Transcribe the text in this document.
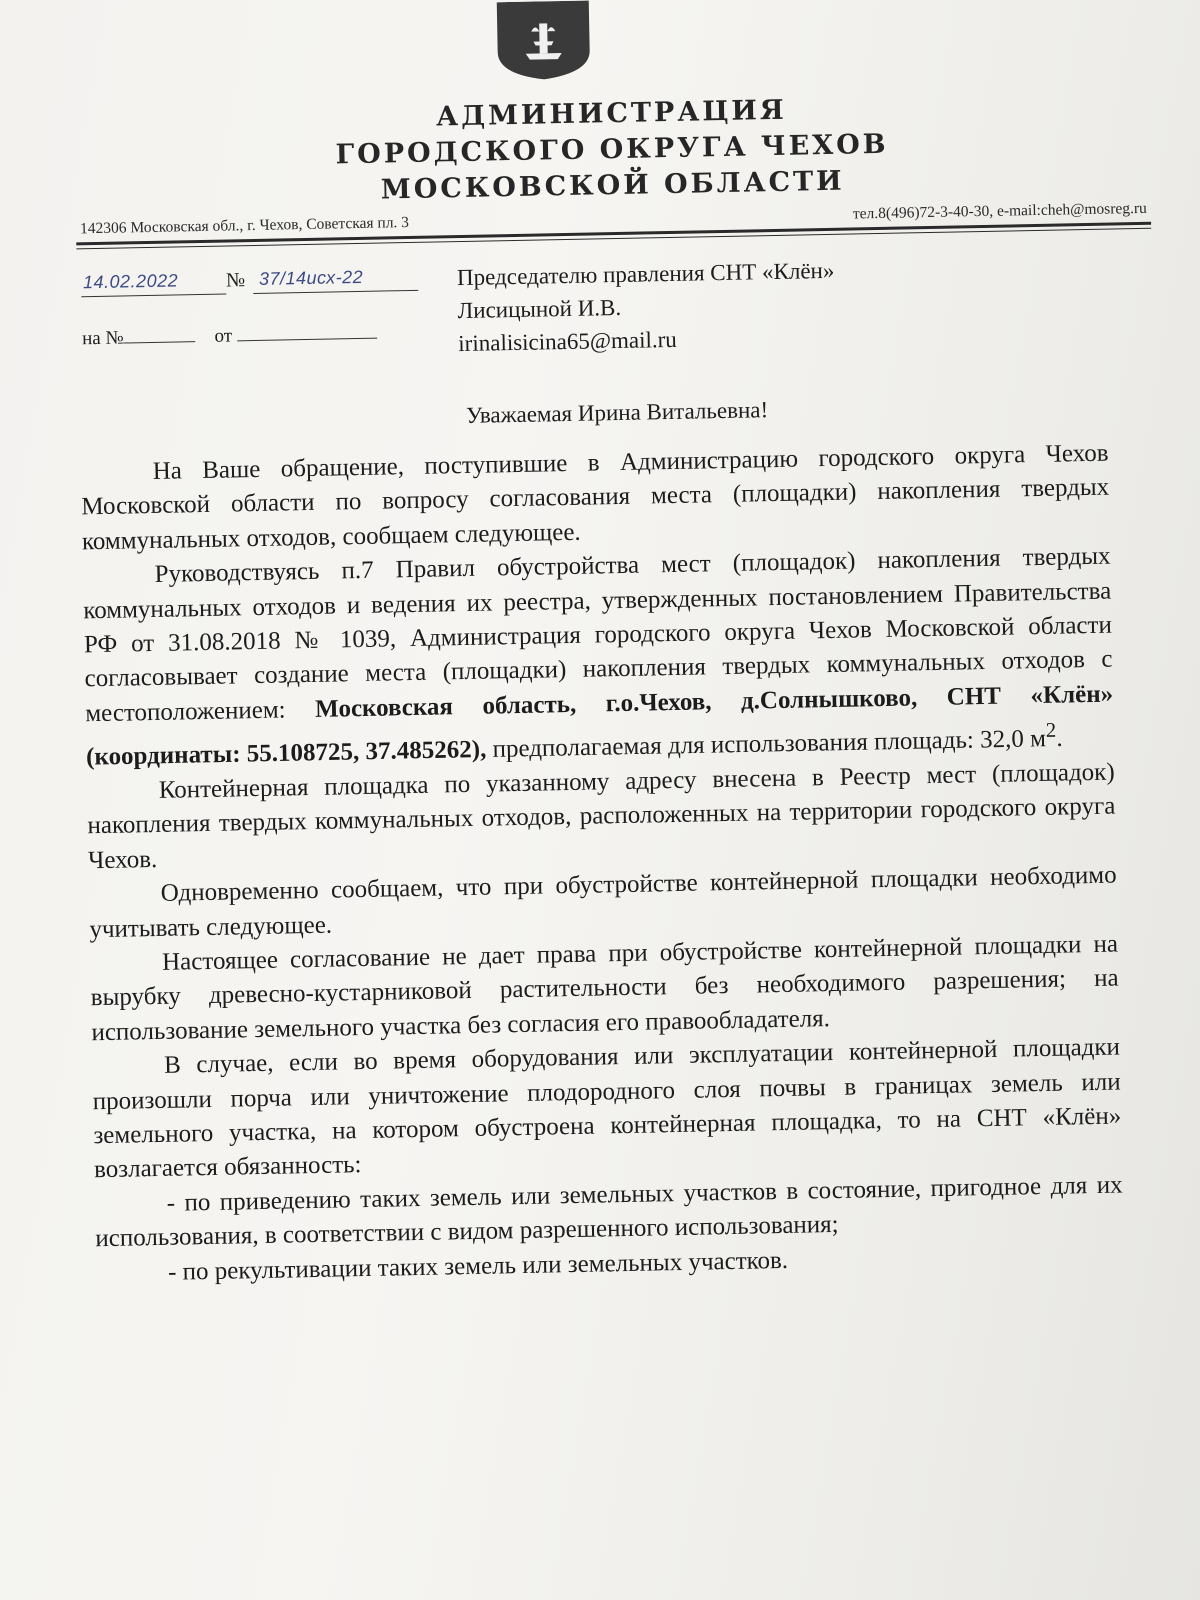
АДМИНИСТРАЦИЯ
ГОРОДСКОГО ОКРУГА ЧЕХОВ
МОСКОВСКОЙ ОБЛАСТИ
142306 Московская обл., г. Чехов, Советская пл. 3
тел.8(496)72-3-40-30, e-mail:cheh@mosreg.ru
14.02.2022 № 37/14исх-22
на №	от
Председателю правления СНТ «Клён»
Лисицыной И.В.
irinalisicina65@mail.ru
Уважаемая Ирина Витальевна!

На Ваше обращение, поступившие в Администрацию городского округа Чехов Московской области по вопросу согласования места (площадки) накопления твердых коммунальных отходов, сообщаем следующее.

Руководствуясь п.7 Правил обустройства мест (площадок) накопления твердых коммунальных отходов и ведения их реестра, утвержденных постановлением Правительства РФ от 31.08.2018 № 1039, Администрация городского округа Чехов Московской области согласовывает создание места (площадки) накопления твердых коммунальных отходов с местоположением: Московская область, г.о.Чехов, д.Солнышково, СНТ «Клён» (координаты: 55.108725, 37.485262), предполагаемая для использования площадь: 32,0 $м^2$.

Контейнерная площадка по указанному адресу внесена в Реестр мест (площадок) накопления твердых коммунальных отходов, расположенных на территории городского округа Чехов.

Одновременно сообщаем, что при обустройстве контейнерной площадки необходимо учитывать следующее.

Настоящее согласование не дает права при обустройстве контейнерной площадки на вырубку древесно-кустарниковой растительности без необходимого разрешения; на использование земельного участка без согласия его правообладателя.

В случае, если во время оборудования или эксплуатации контейнерной площадки произошли порча или уничтожение плодородного слоя почвы в границах земель или земельного участка, на котором обустроена контейнерная площадка, то на СНТ «Клён» возлагается обязанность:

- по приведению таких земель или земельных участков в состояние, пригодное для их использования, в соответствии с видом разрешенного использования;

- по рекультивации таких земель или земельных участков.
